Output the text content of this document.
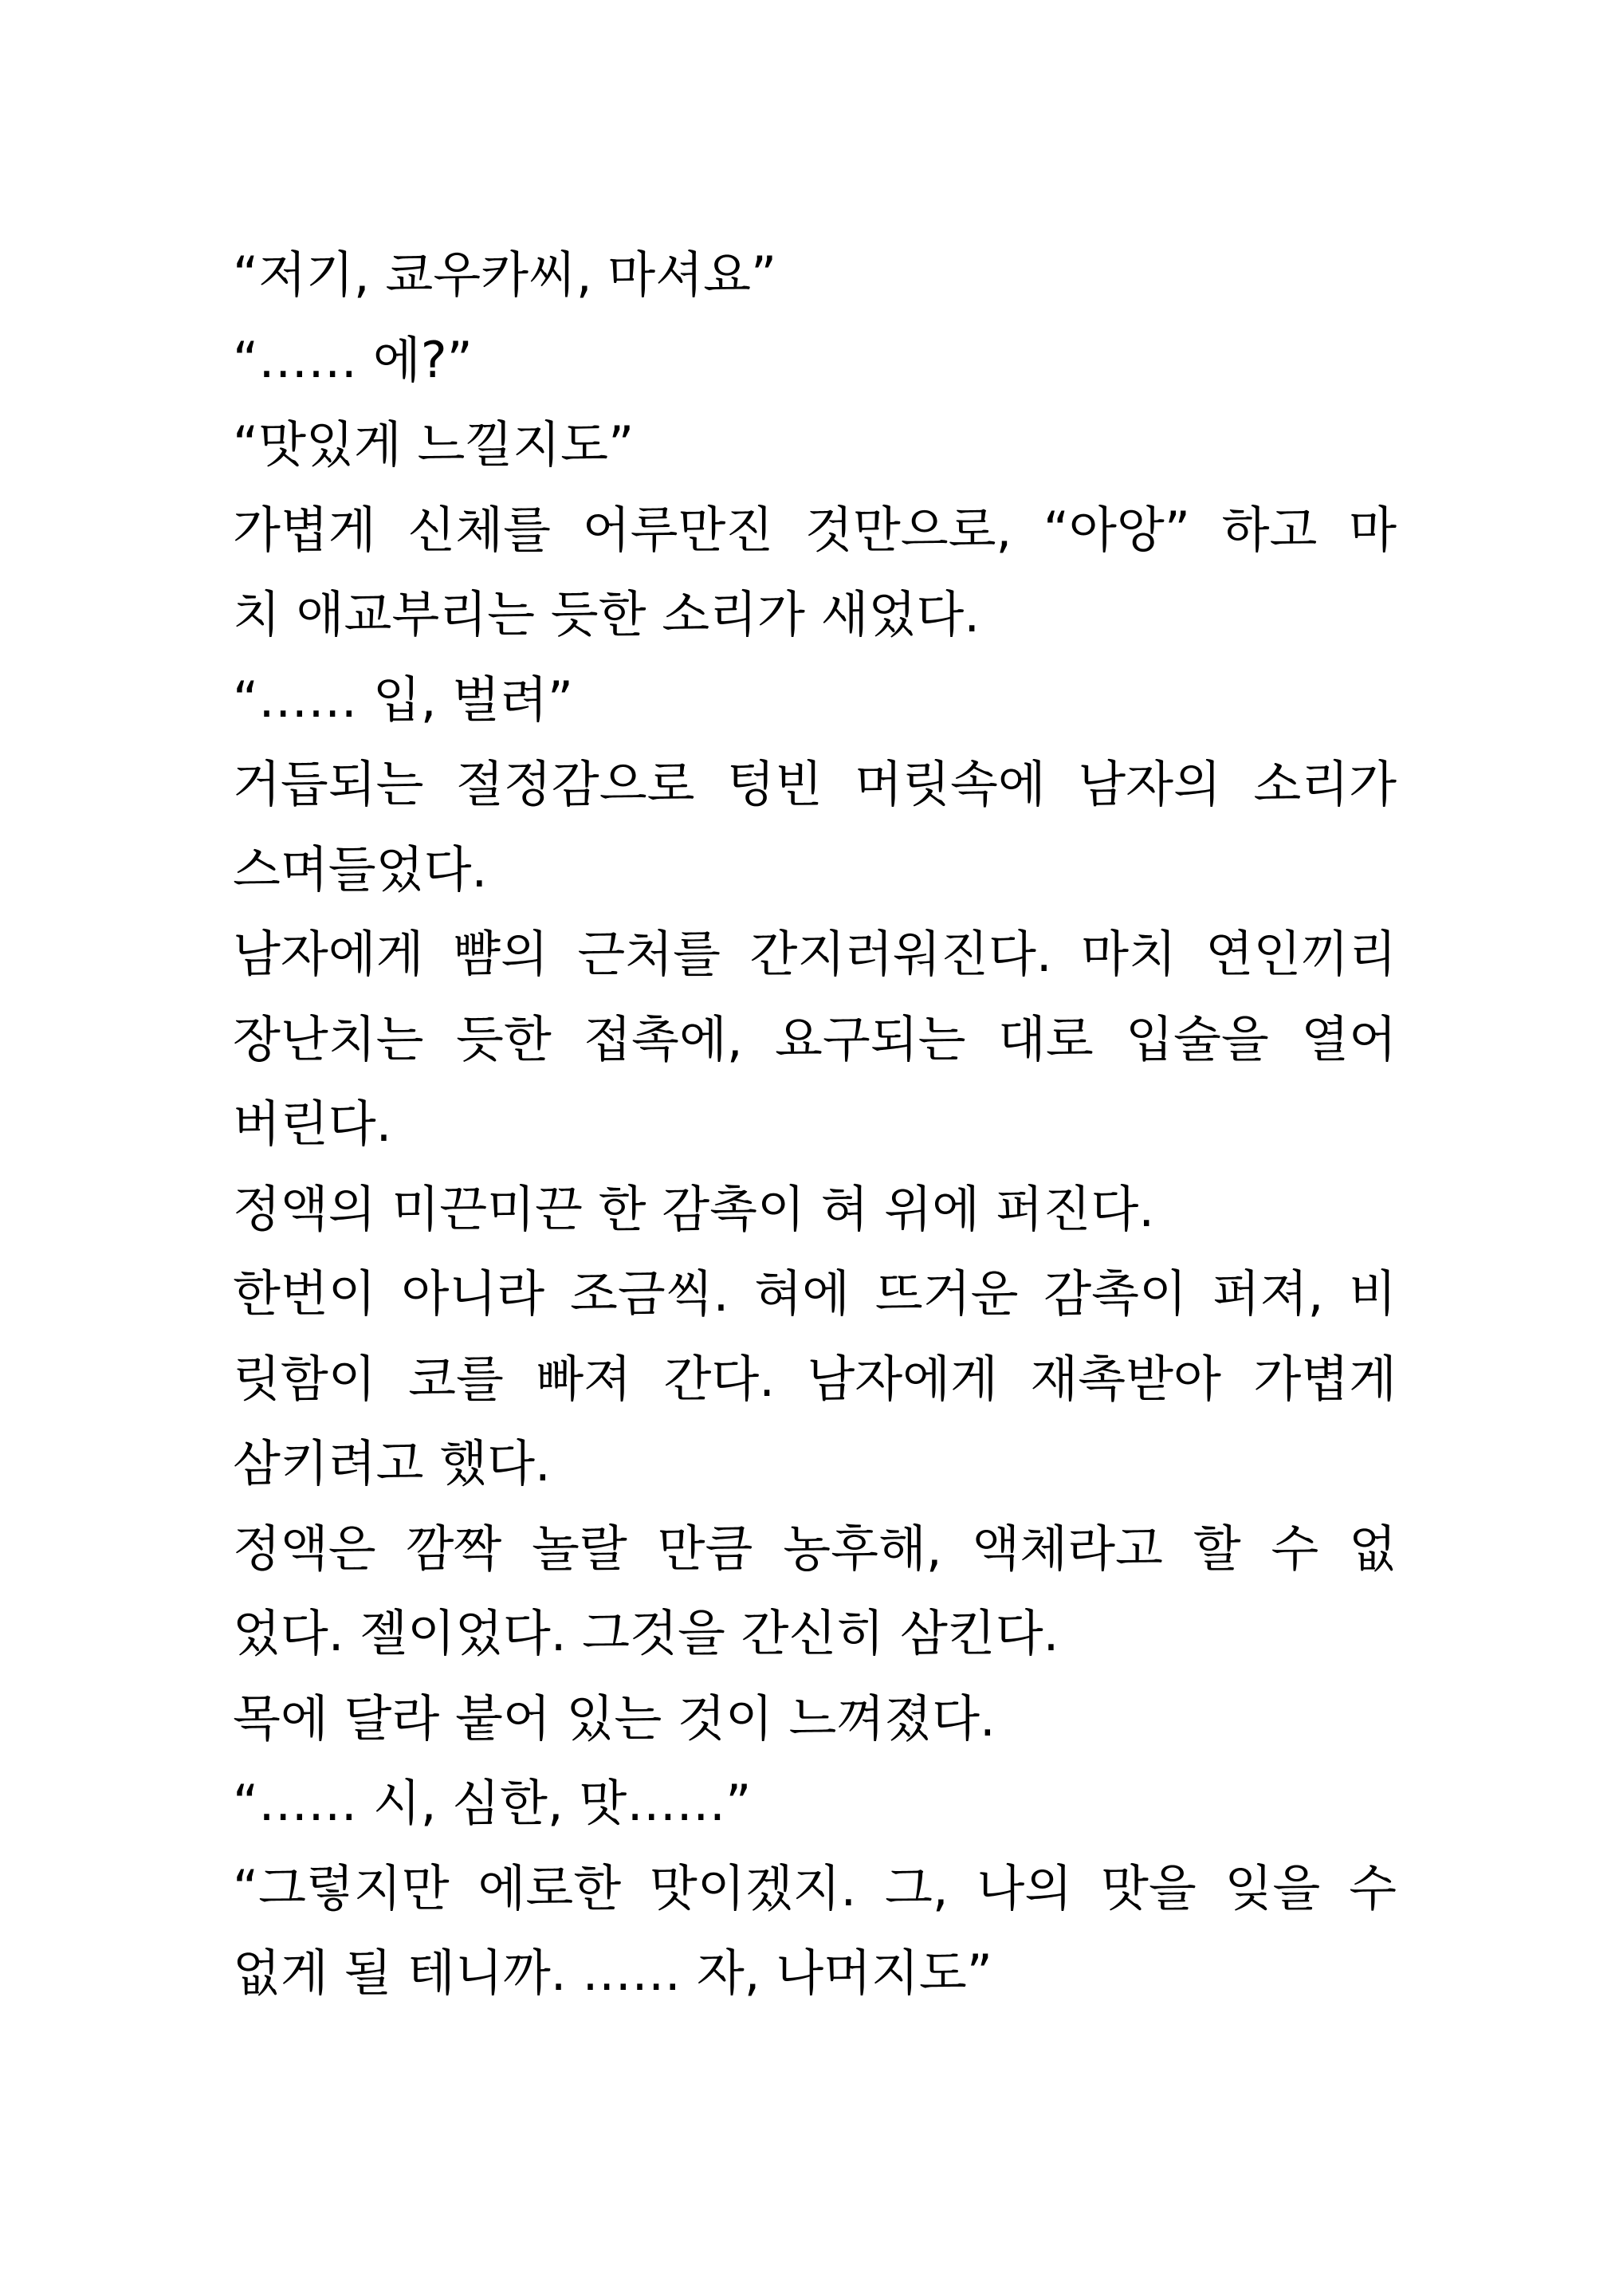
“저기, 쿄우카씨, 마셔요”
“…… 에?”
“맛있게 느낄지도”
가볍게 신체를 어루만진 것만으로, “아앙” 하고 마
치 애교부리는 듯한 소리가 새었다.
“…… 입, 벌려”
거듭되는 절정감으로 텅빈 머릿속에 남자의 소리가
스며들었다.
남자에게 뺨의 근처를 간지러워진다. 마치 연인끼리
장난치는 듯한 접촉에, 요구되는 대로 입술을 열어
버린다.
정액의 미끈미끈 한 감촉이 혀 위에 퍼진다.
한번이 아니라 조금씩. 혀에 뜨거운 감촉이 퍼져, 비
릿함이 코를 빠져 간다. 남자에게 재촉받아 가볍게
삼키려고 했다.
정액은 깜짝 놀랄 만큼 농후해, 액체라고 할 수 없
었다. 젤이었다. 그것을 간신히 삼킨다.
목에 달라 붙어 있는 것이 느껴졌다.
“…… 시, 심한, 맛……”
“그렇지만 에로한 맛이겠지. 그, 나의 맛을 잊을 수
없게 될 테니까. …… 자, 나머지도”
